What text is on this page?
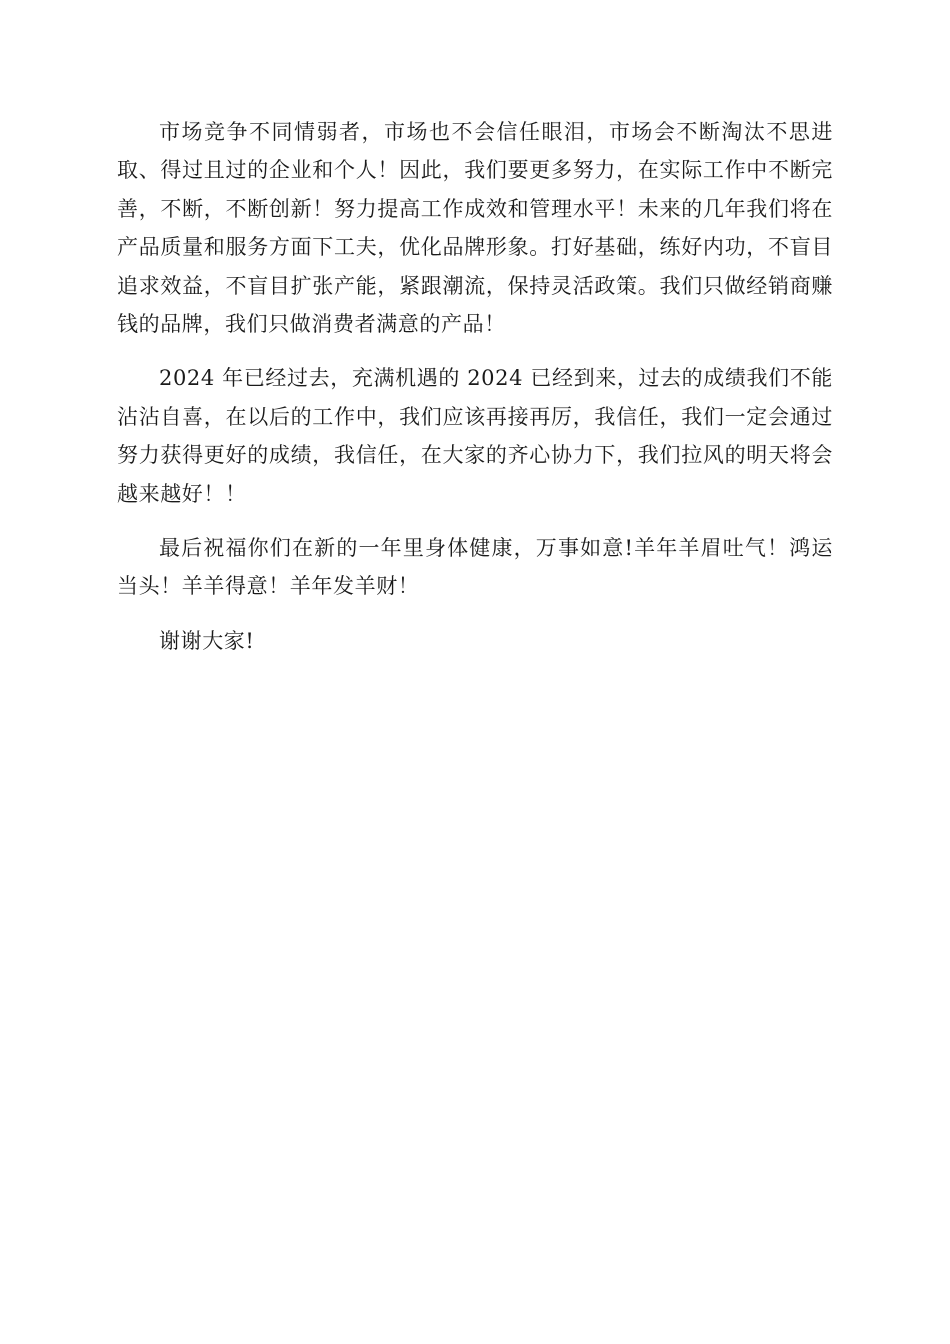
市场竞争不同情弱者，市场也不会信任眼泪，市场会不断淘汰不思进取、得过且过的企业和个人！因此，我们要更多努力，在实际工作中不断完善，不断，不断创新！努力提高工作成效和管理水平！未来的几年我们将在产品质量和服务方面下工夫，优化品牌形象。打好基础，练好内功，不盲目追求效益，不盲目扩张产能，紧跟潮流，保持灵活政策。我们只做经销商赚钱的品牌，我们只做消费者满意的产品！

2024 年已经过去，充满机遇的 2024 已经到来，过去的成绩我们不能沾沾自喜，在以后的工作中，我们应该再接再厉，我信任，我们一定会通过努力获得更好的成绩，我信任，在大家的齐心协力下，我们拉风的明天将会越来越好！！

最后祝福你们在新的一年里身体健康，万事如意!羊年羊眉吐气！鸿运当头！羊羊得意！羊年发羊财！

谢谢大家!
